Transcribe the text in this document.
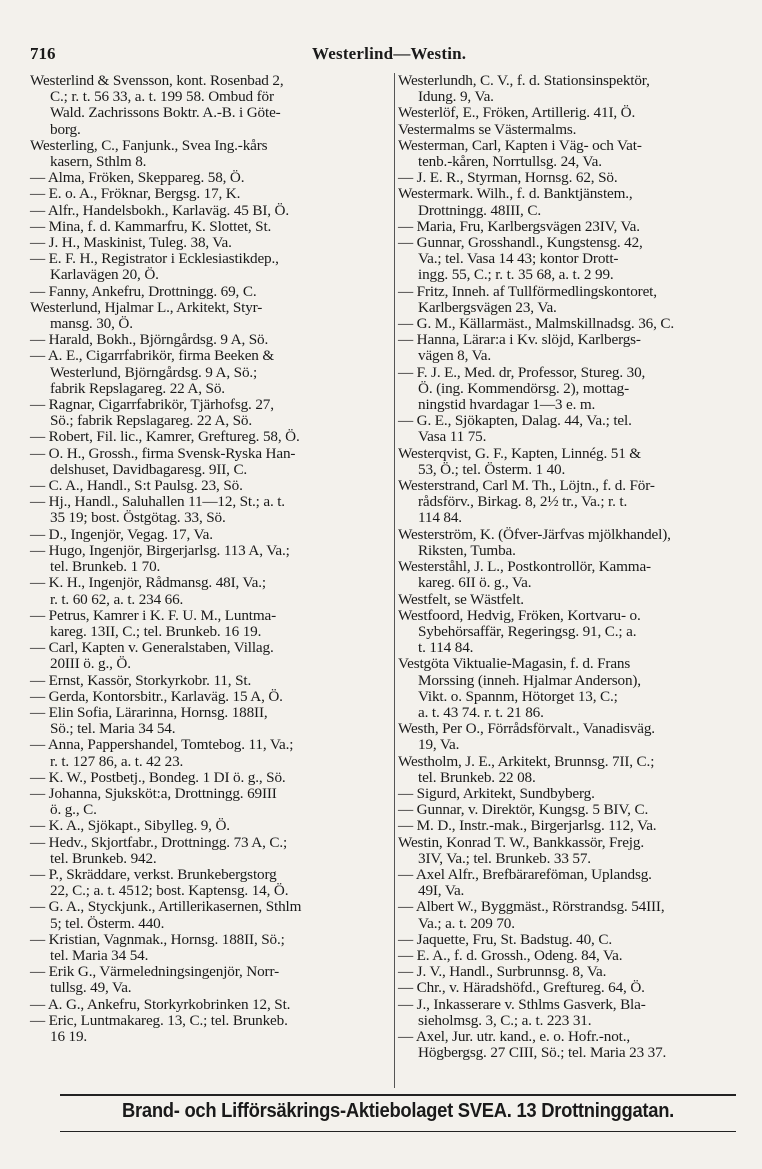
716	Westerlind—Westin.
Westerlind & Svensson, kont. Rosenbad 2,
C.; r. t. 56 33, a. t. 199 58. Ombud för
Wald. Zachrissons Boktr. A.-B. i Göte-
borg.
Westerling, C., Fanjunk., Svea Ing.-kårs
kasern, Sthlm 8.
— Alma, Fröken, Skeppareg. 58, Ö.
— E. o. A., Fröknar, Bergsg. 17, K.
— Alfr., Handelsbokh., Karlaväg. 45 BI, Ö.
— Mina, f. d. Kammarfru, K. Slottet, St.
— J. H., Maskinist, Tuleg. 38, Va.
— E. F. H., Registrator i Ecklesiastikdep.,
Karlavägen 20, Ö.
— Fanny, Ankefru, Drottningg. 69, C.
Westerlund, Hjalmar L., Arkitekt, Styr-
mansg. 30, Ö.
— Harald, Bokh., Björngårdsg. 9 A, Sö.
— A. E., Cigarrfabrikör, firma Beeken &
Westerlund, Björngårdsg. 9 A, Sö.;
fabrik Repslagareg. 22 A, Sö.
— Ragnar, Cigarrfabrikör, Tjärhofsg. 27,
Sö.; fabrik Repslagareg. 22 A, Sö.
— Robert, Fil. lic., Kamrer, Greftureg. 58, Ö.
— O. H., Grossh., firma Svensk-Ryska Han-
delshuset, Davidbagaresg. 9II, C.
— C. A., Handl., S:t Paulsg. 23, Sö.
— Hj., Handl., Saluhallen 11—12, St.; a. t.
35 19; bost. Östgötag. 33, Sö.
— D., Ingenjör, Vegag. 17, Va.
— Hugo, Ingenjör, Birgerjarlsg. 113 A, Va.;
tel. Brunkeb. 1 70.
— K. H., Ingenjör, Rådmansg. 48I, Va.;
r. t. 60 62, a. t. 234 66.
— Petrus, Kamrer i K. F. U. M., Luntma-
kareg. 13II, C.; tel. Brunkeb. 16 19.
— Carl, Kapten v. Generalstaben, Villag.
20III ö. g., Ö.
— Ernst, Kassör, Storkyrkobr. 11, St.
— Gerda, Kontorsbitr., Karlaväg. 15 A, Ö.
— Elin Sofia, Lärarinna, Hornsg. 188II,
Sö.; tel. Maria 34 54.
— Anna, Pappershandel, Tomtebog. 11, Va.;
r. t. 127 86, a. t. 42 23.
— K. W., Postbetj., Bondeg. 1 DI ö. g., Sö.
— Johanna, Sjuksköt:a, Drottningg. 69III
ö. g., C.
— K. A., Sjökapt., Sibylleg. 9, Ö.
— Hedv., Skjortfabr., Drottningg. 73 A, C.;
tel. Brunkeb. 942.
— P., Skräddare, verkst. Brunkebergstorg
22, C.; a. t. 4512; bost. Kaptensg. 14, Ö.
— G. A., Styckjunk., Artillerikasernen, Sthlm
5; tel. Österm. 440.
— Kristian, Vagnmak., Hornsg. 188II, Sö.;
tel. Maria 34 54.
— Erik G., Värmeledningsingenjör, Norr-
tullsg. 49, Va.
— A. G., Ankefru, Storkyrkobrinken 12, St.
— Eric, Luntmakareg. 13, C.; tel. Brunkeb.
16 19.
Westerlundh, C. V., f. d. Stationsinspektör,
Idung. 9, Va.
Westerlöf, E., Fröken, Artillerig. 41I, Ö.
Vestermalms se Västermalms.
Westerman, Carl, Kapten i Väg- och Vat-
tenb.-kåren, Norrtullsg. 24, Va.
— J. E. R., Styrman, Hornsg. 62, Sö.
Westermark. Wilh., f. d. Banktjänstem.,
Drottningg. 48III, C.
— Maria, Fru, Karlbergsvägen 23IV, Va.
— Gunnar, Grosshandl., Kungstensg. 42,
Va.; tel. Vasa 14 43; kontor Drott-
ingg. 55, C.; r. t. 35 68, a. t. 2 99.
— Fritz, Inneh. af Tullförmedlingskontoret,
Karlbergsvägen 23, Va.
— G. M., Källarmäst., Malmskillnadsg. 36, C.
— Hanna, Lärar:a i Kv. slöjd, Karlbergs-
vägen 8, Va.
— F. J. E., Med. dr, Professor, Stureg. 30,
Ö. (ing. Kommendörsg. 2), mottag-
ningstid hvardagar 1—3 e. m.
— G. E., Sjökapten, Dalag. 44, Va.; tel.
Vasa 11 75.
Westerqvist, G. F., Kapten, Linnég. 51 &
53, Ö.; tel. Österm. 1 40.
Westerstrand, Carl M. Th., Löjtn., f. d. För-
rådsförv., Birkag. 8, 2½ tr., Va.; r. t.
114 84.
Westerström, K. (Öfver-Järfvas mjölkhandel),
Riksten, Tumba.
Westerståhl, J. L., Postkontrollör, Kamma-
kareg. 6II ö. g., Va.
Westfelt, se Wästfelt.
Westfoord, Hedvig, Fröken, Kortvaru- o.
Sybehörsaffär, Regeringsg. 91, C.; a.
t. 114 84.
Vestgöta Viktualie-Magasin, f. d. Frans
Morssing (inneh. Hjalmar Anderson),
Vikt. o. Spannm, Hötorget 13, C.;
a. t. 43 74. r. t. 21 86.
Westh, Per O., Förrådsförvalt., Vanadisväg.
19, Va.
Westholm, J. E., Arkitekt, Brunnsg. 7II, C.;
tel. Brunkeb. 22 08.
— Sigurd, Arkitekt, Sundbyberg.
— Gunnar, v. Direktör, Kungsg. 5 BIV, C.
— M. D., Instr.-mak., Birgerjarlsg. 112, Va.
Westin, Konrad T. W., Bankkassör, Frejg.
3IV, Va.; tel. Brunkeb. 33 57.
— Axel Alfr., Brefbärareföman, Uplandsg.
49I, Va.
— Albert W., Byggmäst., Rörstrandsg. 54III,
Va.; a. t. 209 70.
— Jaquette, Fru, St. Badstug. 40, C.
— E. A., f. d. Grossh., Odeng. 84, Va.
— J. V., Handl., Surbrunnsg. 8, Va.
— Chr., v. Häradshöfd., Greftureg. 64, Ö.
— J., Inkasserare v. Sthlms Gasverk, Bla-
sieholmsg. 3, C.; a. t. 223 31.
— Axel, Jur. utr. kand., e. o. Hofr.-not.,
Högbergsg. 27 CIII, Sö.; tel. Maria 23 37.
Brand- och Lifförsäkrings-Aktiebolaget SVEA. 13 Drottninggatan.
